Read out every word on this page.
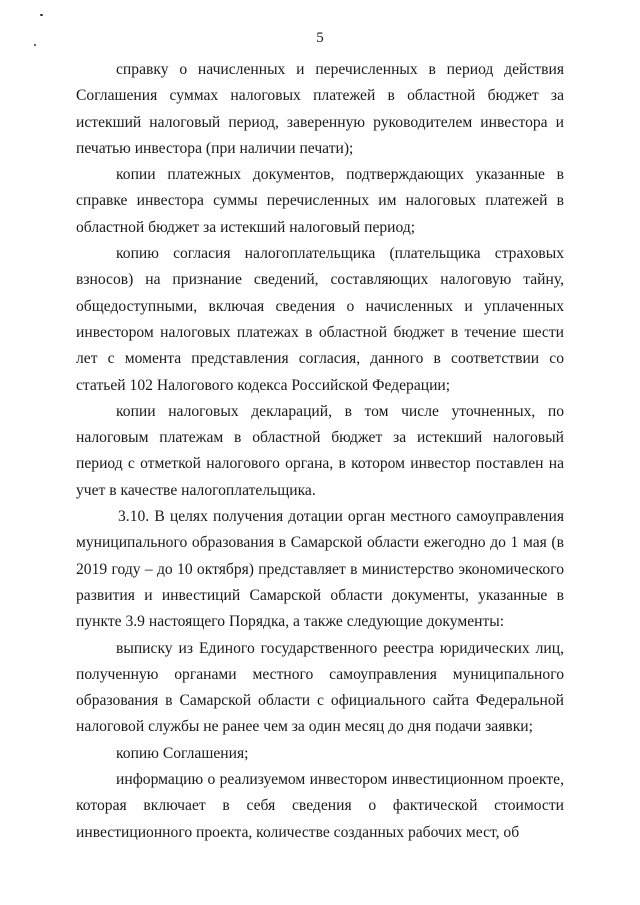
5

справку о начисленных и перечисленных в период действия Соглашения суммах налоговых платежей в областной бюджет за истекший налоговый период, заверенную руководителем инвестора и печатью инвестора (при наличии печати);

копии платежных документов, подтверждающих указанные в справке инвестора суммы перечисленных им налоговых платежей в областной бюджет за истекший налоговый период;

копию согласия налогоплательщика (плательщика страховых взносов) на признание сведений, составляющих налоговую тайну, общедоступными, включая сведения о начисленных и уплаченных инвестором налоговых платежах в областной бюджет в течение шести лет с момента представления согласия, данного в соответствии со статьей 102 Налогового кодекса Российской Федерации;

копии налоговых деклараций, в том числе уточненных, по налоговым платежам в областной бюджет за истекший налоговый период с отметкой налогового органа, в котором инвестор поставлен на учет в качестве налогоплательщика.

3.10. В целях получения дотации орган местного самоуправления муниципального образования в Самарской области ежегодно до 1 мая (в 2019 году – до 10 октября) представляет в министерство экономического развития и инвестиций Самарской области документы, указанные в пункте 3.9 настоящего Порядка, а также следующие документы:

выписку из Единого государственного реестра юридических лиц, полученную органами местного самоуправления муниципального образования в Самарской области с официального сайта Федеральной налоговой службы не ранее чем за один месяц до дня подачи заявки;

копию Соглашения;

информацию о реализуемом инвестором инвестиционном проекте, которая включает в себя сведения о фактической стоимости инвестиционного проекта, количестве созданных рабочих мест, об
